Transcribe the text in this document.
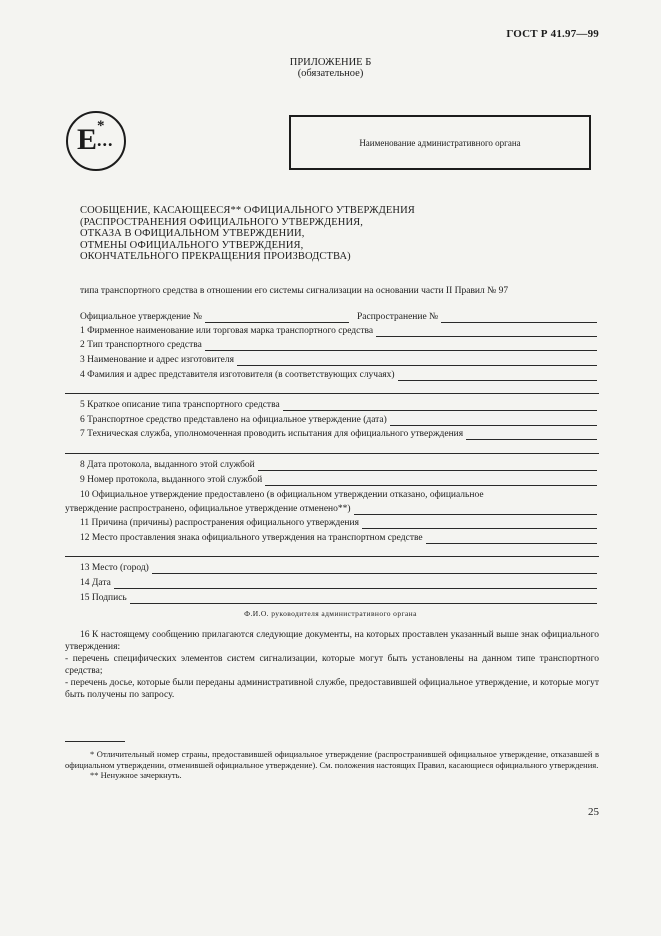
ГОСТ Р 41.97—99
ПРИЛОЖЕНИЕ Б
(обязательное)
E *
...	Наименование административного органа
СООБЩЕНИЕ, КАСАЮЩЕЕСЯ** ОФИЦИАЛЬНОГО УТВЕРЖДЕНИЯ
(РАСПРОСТРАНЕНИЯ ОФИЦИАЛЬНОГО УТВЕРЖДЕНИЯ,
ОТКАЗА В ОФИЦИАЛЬНОМ УТВЕРЖДЕНИИ,
ОТМЕНЫ ОФИЦИАЛЬНОГО УТВЕРЖДЕНИЯ,
ОКОНЧАТЕЛЬНОГО ПРЕКРАЩЕНИЯ ПРОИЗВОДСТВА)
типа транспортного средства в отношении его системы сигнализации на основании части II Правил № 97
Официальное утверждение №	Распространение №
1 Фирменное наименование или торговая марка транспортного средства
2 Тип транспортного средства
3 Наименование и адрес изготовителя
4 Фамилия и адрес представителя изготовителя (в соответствующих случаях)
5 Краткое описание типа транспортного средства
6 Транспортное средство представлено на официальное утверждение (дата)
7 Техническая служба, уполномоченная проводить испытания для официального утверждения
8 Дата протокола, выданного этой службой
9 Номер протокола, выданного этой службой
10 Официальное утверждение предоставлено (в официальном утверждении отказано, официальное
утверждение распространено, официальное утверждение отменено**)
11 Причина (причины) распространения официального утверждения
12 Место проставления знака официального утверждения на транспортном средстве
13 Место (город)
14 Дата
15 Подпись
Ф.И.О. руководителя административного органа
16 К настоящему сообщению прилагаются следующие документы, на которых проставлен указанный выше знак официального утверждения:
- перечень специфических элементов систем сигнализации, которые могут быть установлены на данном типе транспортного средства;
- перечень досье, которые были переданы административной службе, предоставившей официальное утверждение, и которые могут быть получены по запросу.
* Отличительный номер страны, предоставившей официальное утверждение (распространившей официальное утверждение, отказавшей в официальном утверждении, отменившей официальное утверждение). См. положения настоящих Правил, касающиеся официального утверждения.
** Ненужное зачеркнуть.
25
